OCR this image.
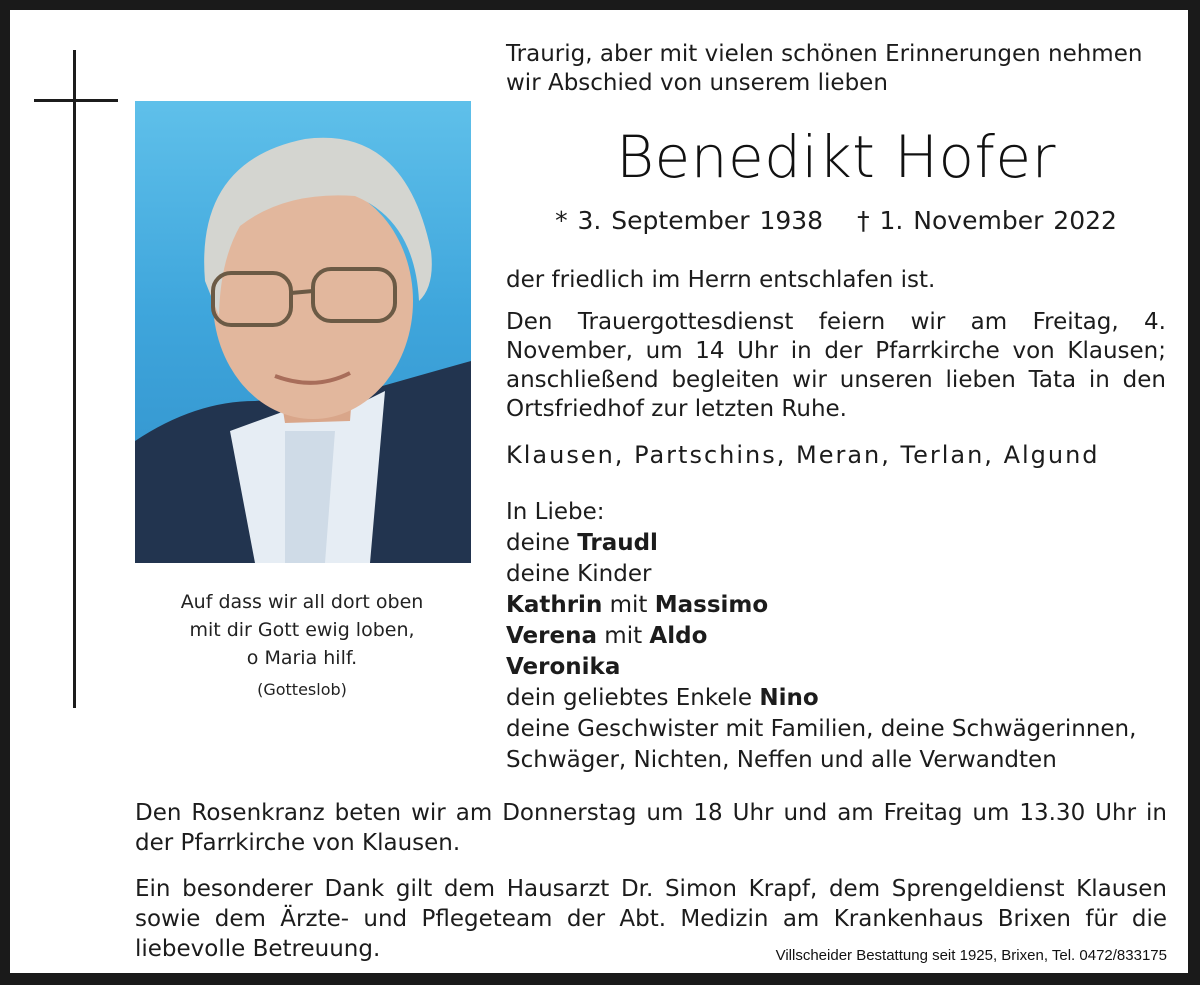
Auf dass wir all dort oben
mit dir Gott ewig loben,
o Maria hilf.
(Gotteslob)
Traurig, aber mit vielen schönen Erinnerungen nehmen wir Abschied von unserem lieben
Benedikt Hofer
* 3. September 1938 † 1. November 2022
der friedlich im Herrn entschlafen ist.
Den Trauergottesdienst feiern wir am Freitag, 4. November, um 14 Uhr in der Pfarrkirche von Klausen; anschließend begleiten wir unseren lieben Tata in den Ortsfriedhof zur letzten Ruhe.
Klausen, Partschins, Meran, Terlan, Algund
In Liebe:
deine Traudl
deine Kinder
Kathrin mit Massimo
Verena mit Aldo
Veronika
dein geliebtes Enkele Nino
deine Geschwister mit Familien, deine Schwägerinnen,
Schwäger, Nichten, Neffen und alle Verwandten
Den Rosenkranz beten wir am Donnerstag um 18 Uhr und am Freitag um 13.30 Uhr in der Pfarrkirche von Klausen.
Ein besonderer Dank gilt dem Hausarzt Dr. Simon Krapf, dem Sprengeldienst Klausen sowie dem Ärzte- und Pflegeteam der Abt. Medizin am Krankenhaus Brixen für die liebevolle Betreuung.	Villscheider Bestattung seit 1925, Brixen, Tel. 0472/833175
